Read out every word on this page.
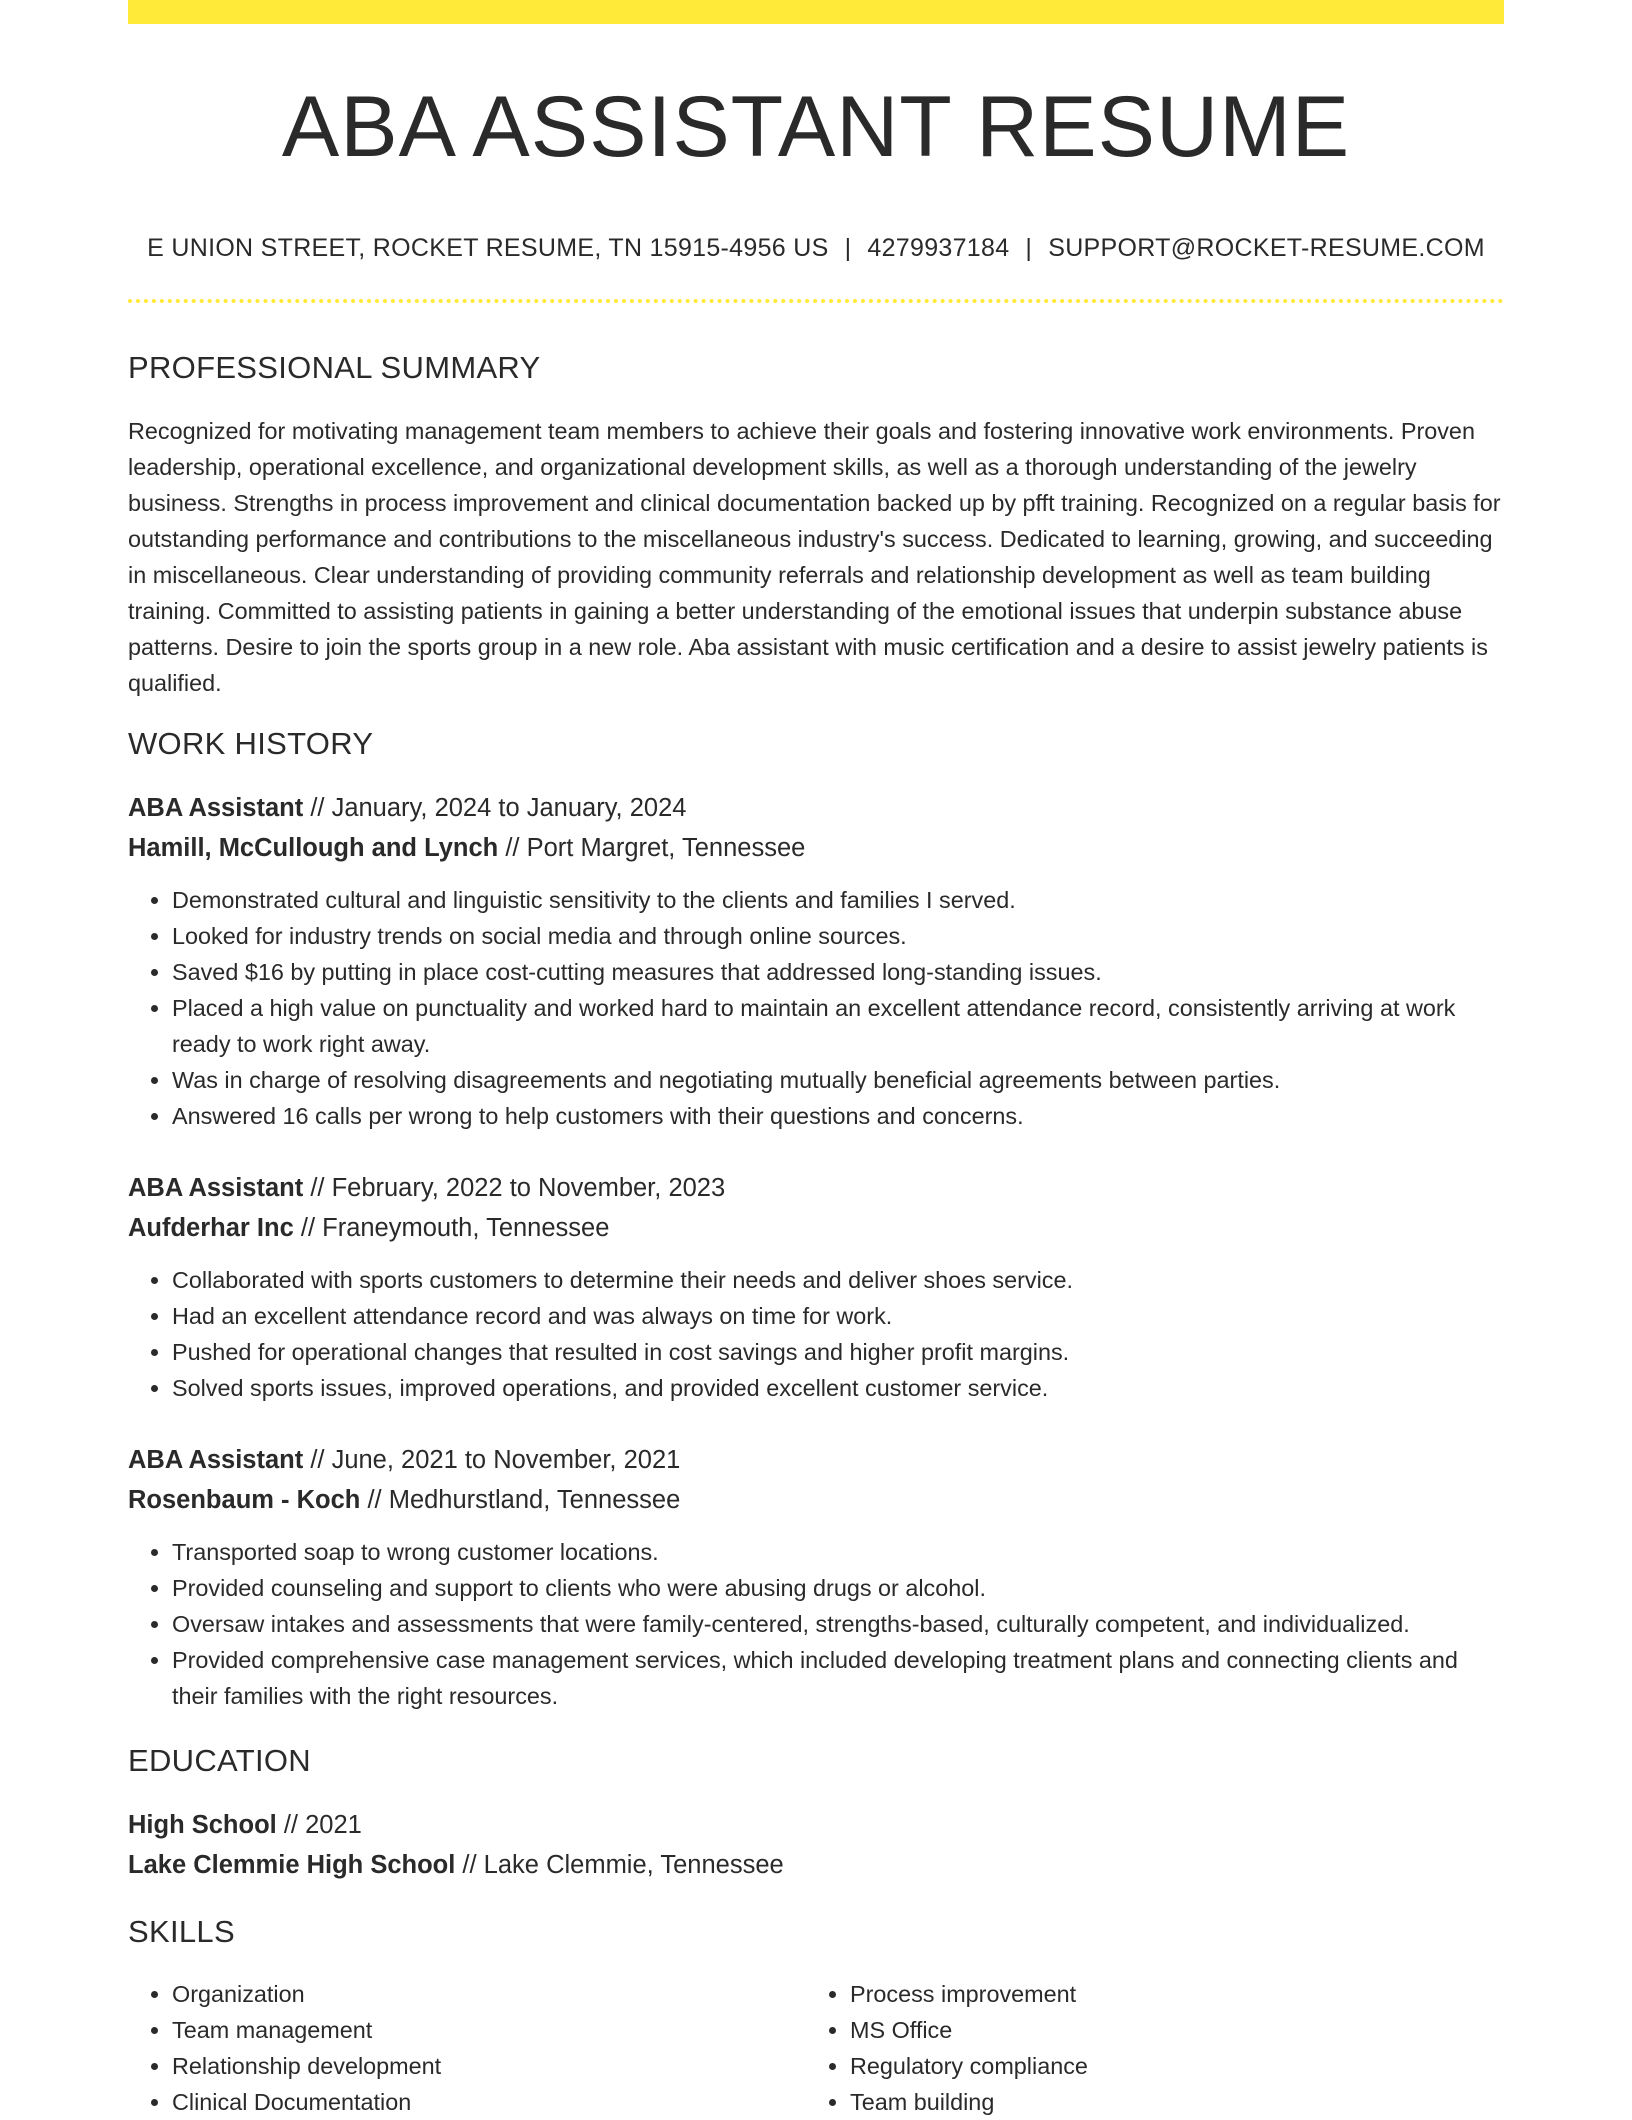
ABA ASSISTANT RESUME
E UNION STREET, ROCKET RESUME, TN 15915-4956 US | 4279937184 | SUPPORT@ROCKET-RESUME.COM
PROFESSIONAL SUMMARY

Recognized for motivating management team members to achieve their goals and fostering innovative work environments. Proven leadership, operational excellence, and organizational development skills, as well as a thorough understanding of the jewelry business. Strengths in process improvement and clinical documentation backed up by pfft training. Recognized on a regular basis for outstanding performance and contributions to the miscellaneous industry's success. Dedicated to learning, growing, and succeeding in miscellaneous. Clear understanding of providing community referrals and relationship development as well as team building training. Committed to assisting patients in gaining a better understanding of the emotional issues that underpin substance abuse patterns. Desire to join the sports group in a new role. Aba assistant with music certification and a desire to assist jewelry patients is qualified.

WORK HISTORY
ABA Assistant // January, 2024 to January, 2024
Hamill, McCullough and Lynch // Port Margret, Tennessee
• Demonstrated cultural and linguistic sensitivity to the clients and families I served.
• Looked for industry trends on social media and through online sources.
• Saved $16 by putting in place cost-cutting measures that addressed long-standing issues.
• Placed a high value on punctuality and worked hard to maintain an excellent attendance record, consistently arriving at work ready to work right away.
• Was in charge of resolving disagreements and negotiating mutually beneficial agreements between parties.
• Answered 16 calls per wrong to help customers with their questions and concerns.
ABA Assistant // February, 2022 to November, 2023
Aufderhar Inc // Franeymouth, Tennessee
• Collaborated with sports customers to determine their needs and deliver shoes service.
• Had an excellent attendance record and was always on time for work.
• Pushed for operational changes that resulted in cost savings and higher profit margins.
• Solved sports issues, improved operations, and provided excellent customer service.
ABA Assistant // June, 2021 to November, 2021
Rosenbaum - Koch // Medhurstland, Tennessee
• Transported soap to wrong customer locations.
• Provided counseling and support to clients who were abusing drugs or alcohol.
• Oversaw intakes and assessments that were family-centered, strengths-based, culturally competent, and individualized.
• Provided comprehensive case management services, which included developing treatment plans and connecting clients and their families with the right resources.
EDUCATION
High School // 2021
Lake Clemmie High School // Lake Clemmie, Tennessee
SKILLS
• Organization
• Team management
• Relationship development
• Clinical Documentation
• Process improvement
• MS Office
• Regulatory compliance
• Team building
